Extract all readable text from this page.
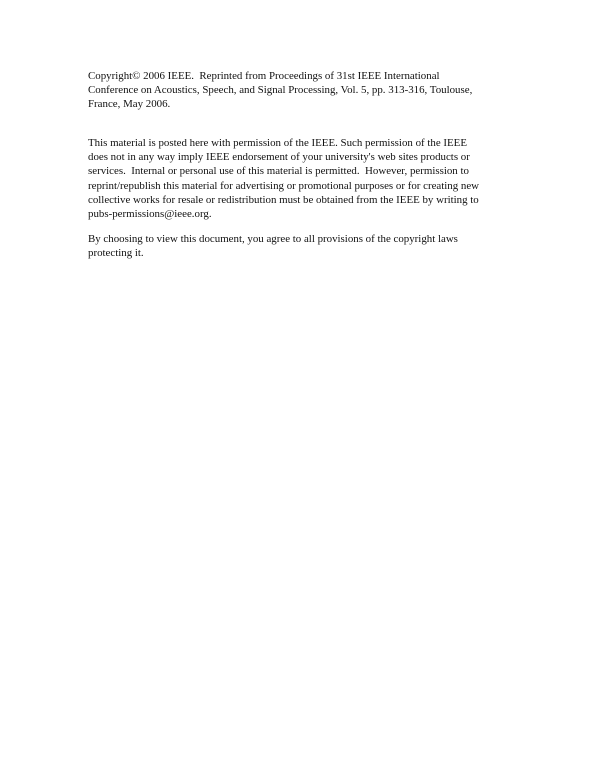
Copyright© 2006 IEEE.  Reprinted from Proceedings of 31st IEEE International
Conference on Acoustics, Speech, and Signal Processing, Vol. 5, pp. 313-316, Toulouse,
France, May 2006.

This material is posted here with permission of the IEEE. Such permission of the IEEE
does not in any way imply IEEE endorsement of your university's web sites products or
services.  Internal or personal use of this material is permitted.  However, permission to
reprint/republish this material for advertising or promotional purposes or for creating new
collective works for resale or redistribution must be obtained from the IEEE by writing to
pubs-permissions@ieee.org.

By choosing to view this document, you agree to all provisions of the copyright laws
protecting it.
